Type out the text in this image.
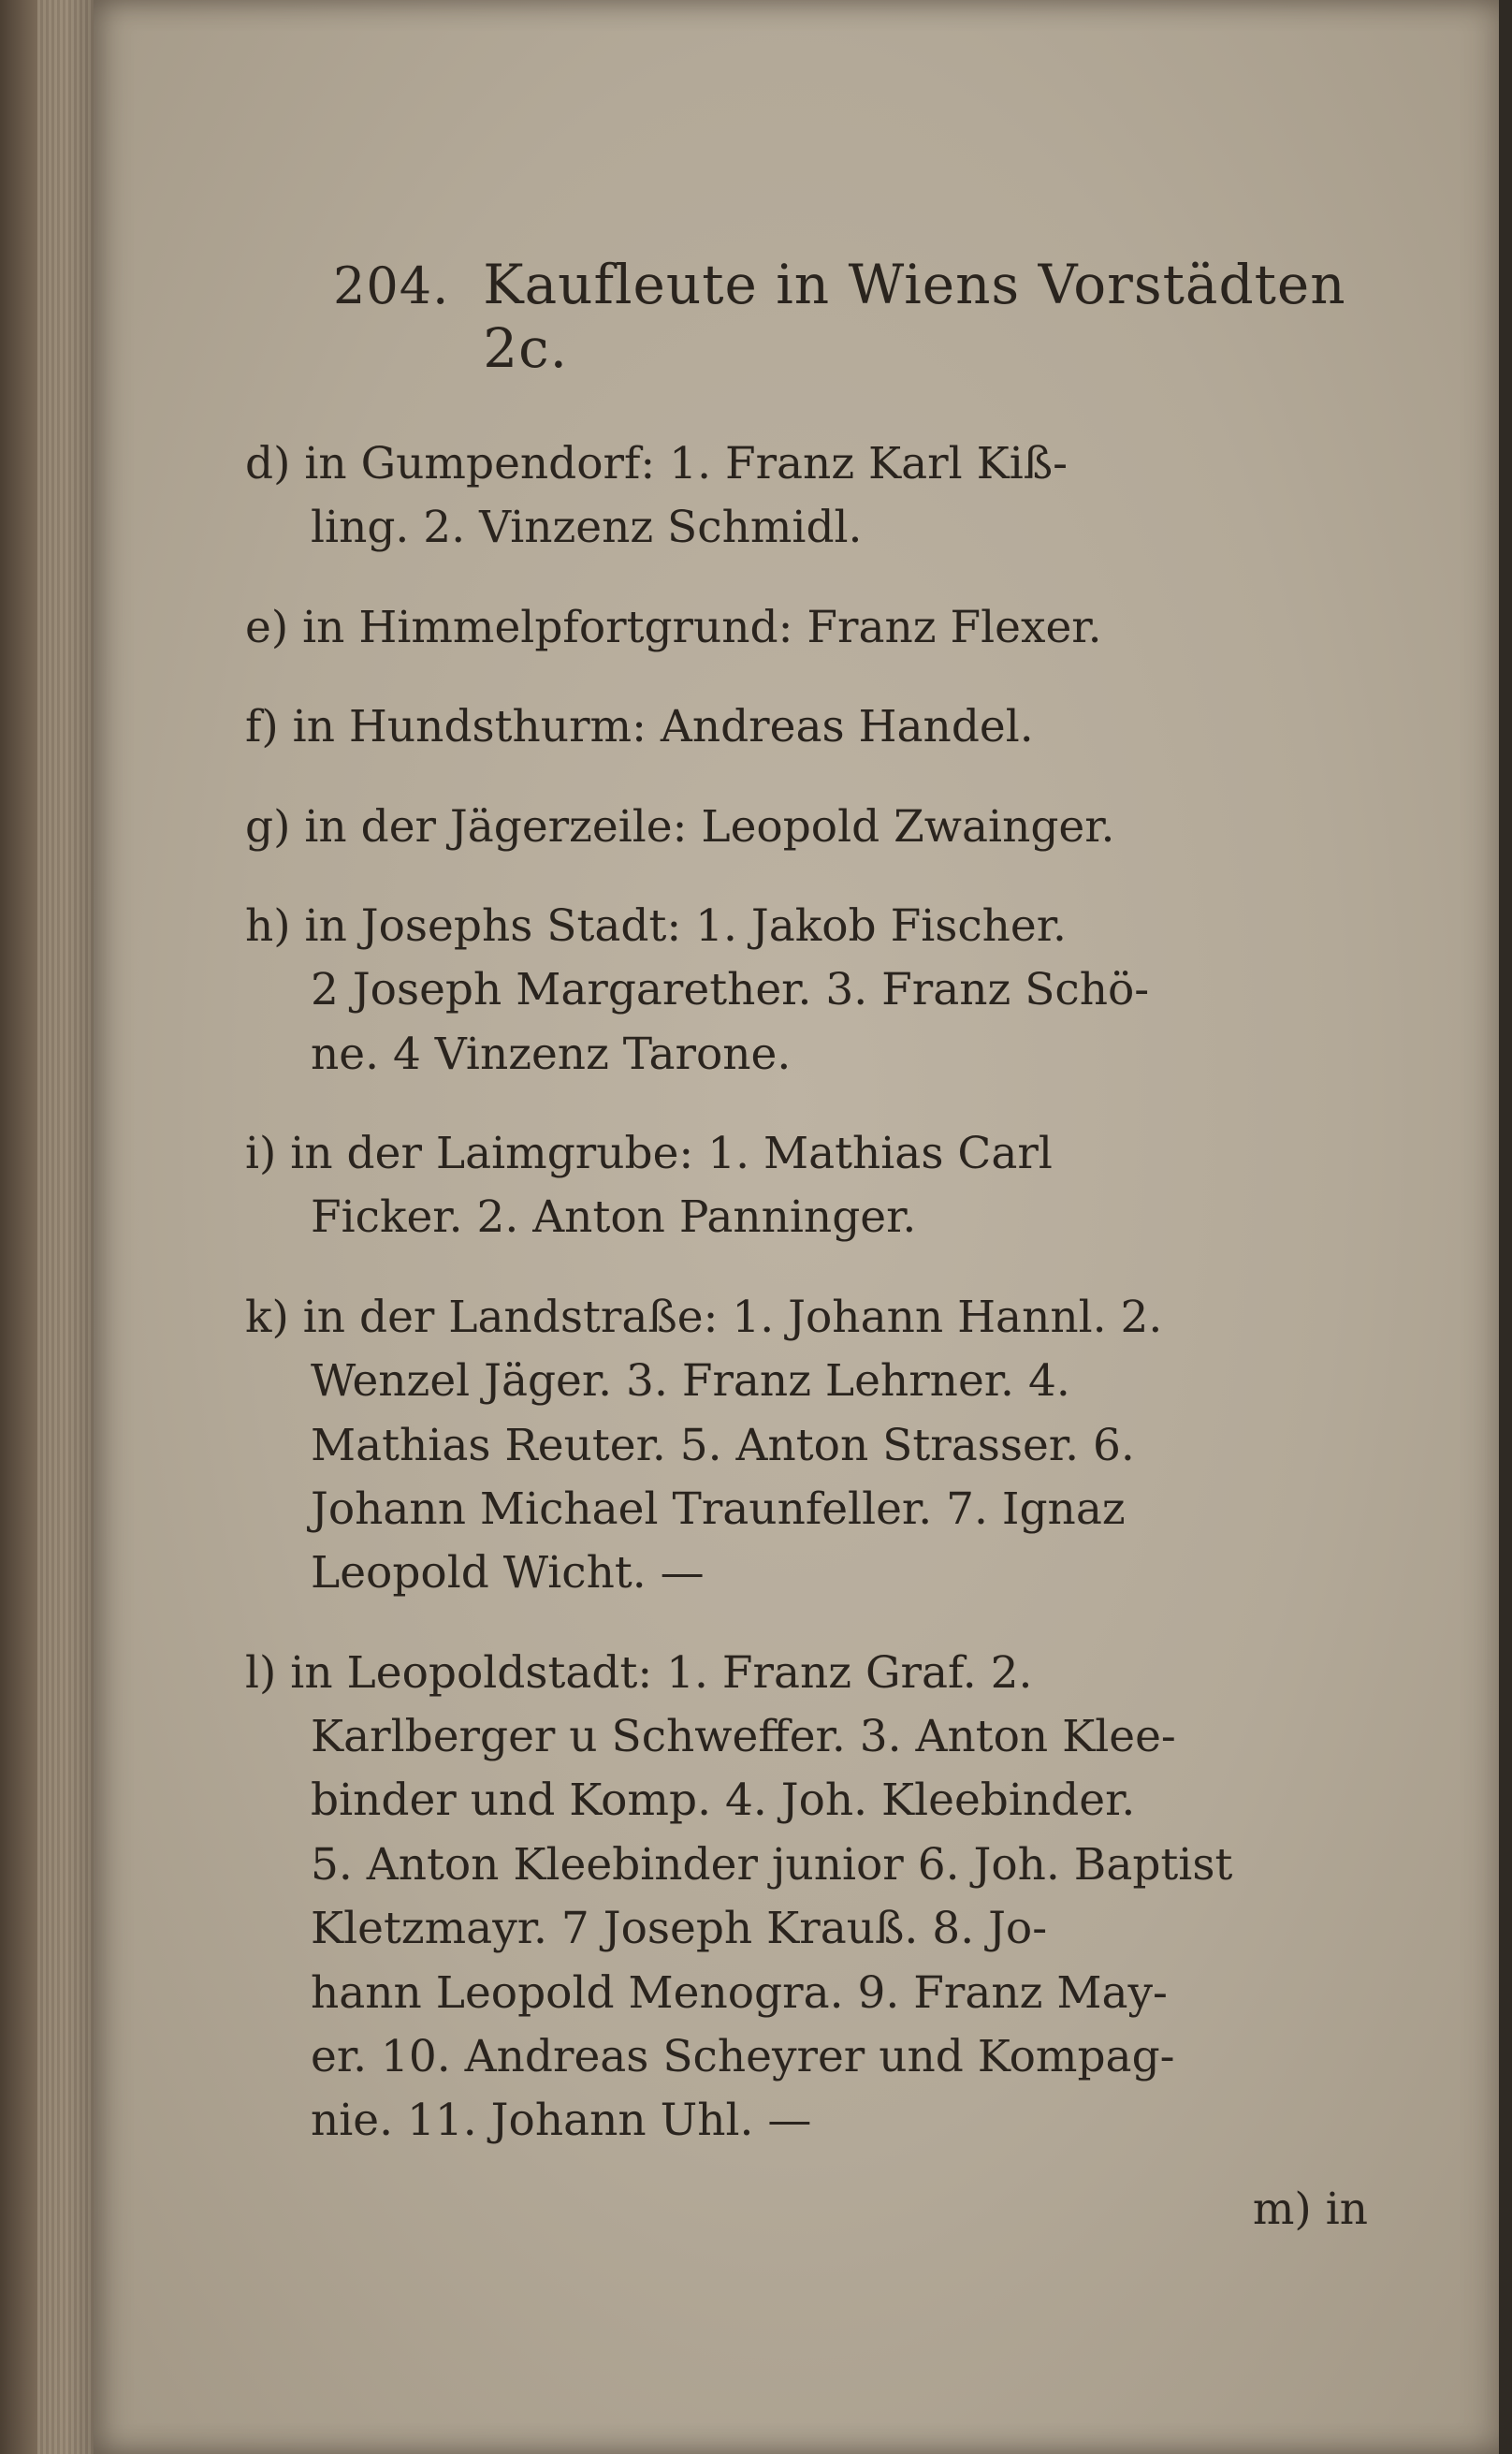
204. Kaufleute in Wiens Vorstädten 2c.
d) in Gumpendorf: 1. Franz Karl Kiß-
ling. 2. Vinzenz Schmidl.
e) in Himmelpfortgrund: Franz Flexer.
f) in Hundsthurm: Andreas Handel.
g) in der Jägerzeile: Leopold Zwainger.
h) in Josephs Stadt: 1. Jakob Fischer.
2 Joseph Margarether. 3. Franz Schö-
ne. 4 Vinzenz Tarone.
i) in der Laimgrube: 1. Mathias Carl
Ficker. 2. Anton Panninger.
k) in der Landstraße: 1. Johann Hannl. 2.
Wenzel Jäger. 3. Franz Lehrner. 4.
Mathias Reuter. 5. Anton Strasser. 6.
Johann Michael Traunfeller. 7. Ignaz
Leopold Wicht. —
l) in Leopoldstadt: 1. Franz Graf. 2.
Karlberger u Schweffer. 3. Anton Klee-
binder und Komp. 4. Joh. Kleebinder.
5. Anton Kleebinder junior 6. Joh. Baptist
Kletzmayr. 7 Joseph Krauß. 8. Jo-
hann Leopold Menogra. 9. Franz May-
er. 10. Andreas Scheyrer und Kompag-
nie. 11. Johann Uhl. —
m) in
